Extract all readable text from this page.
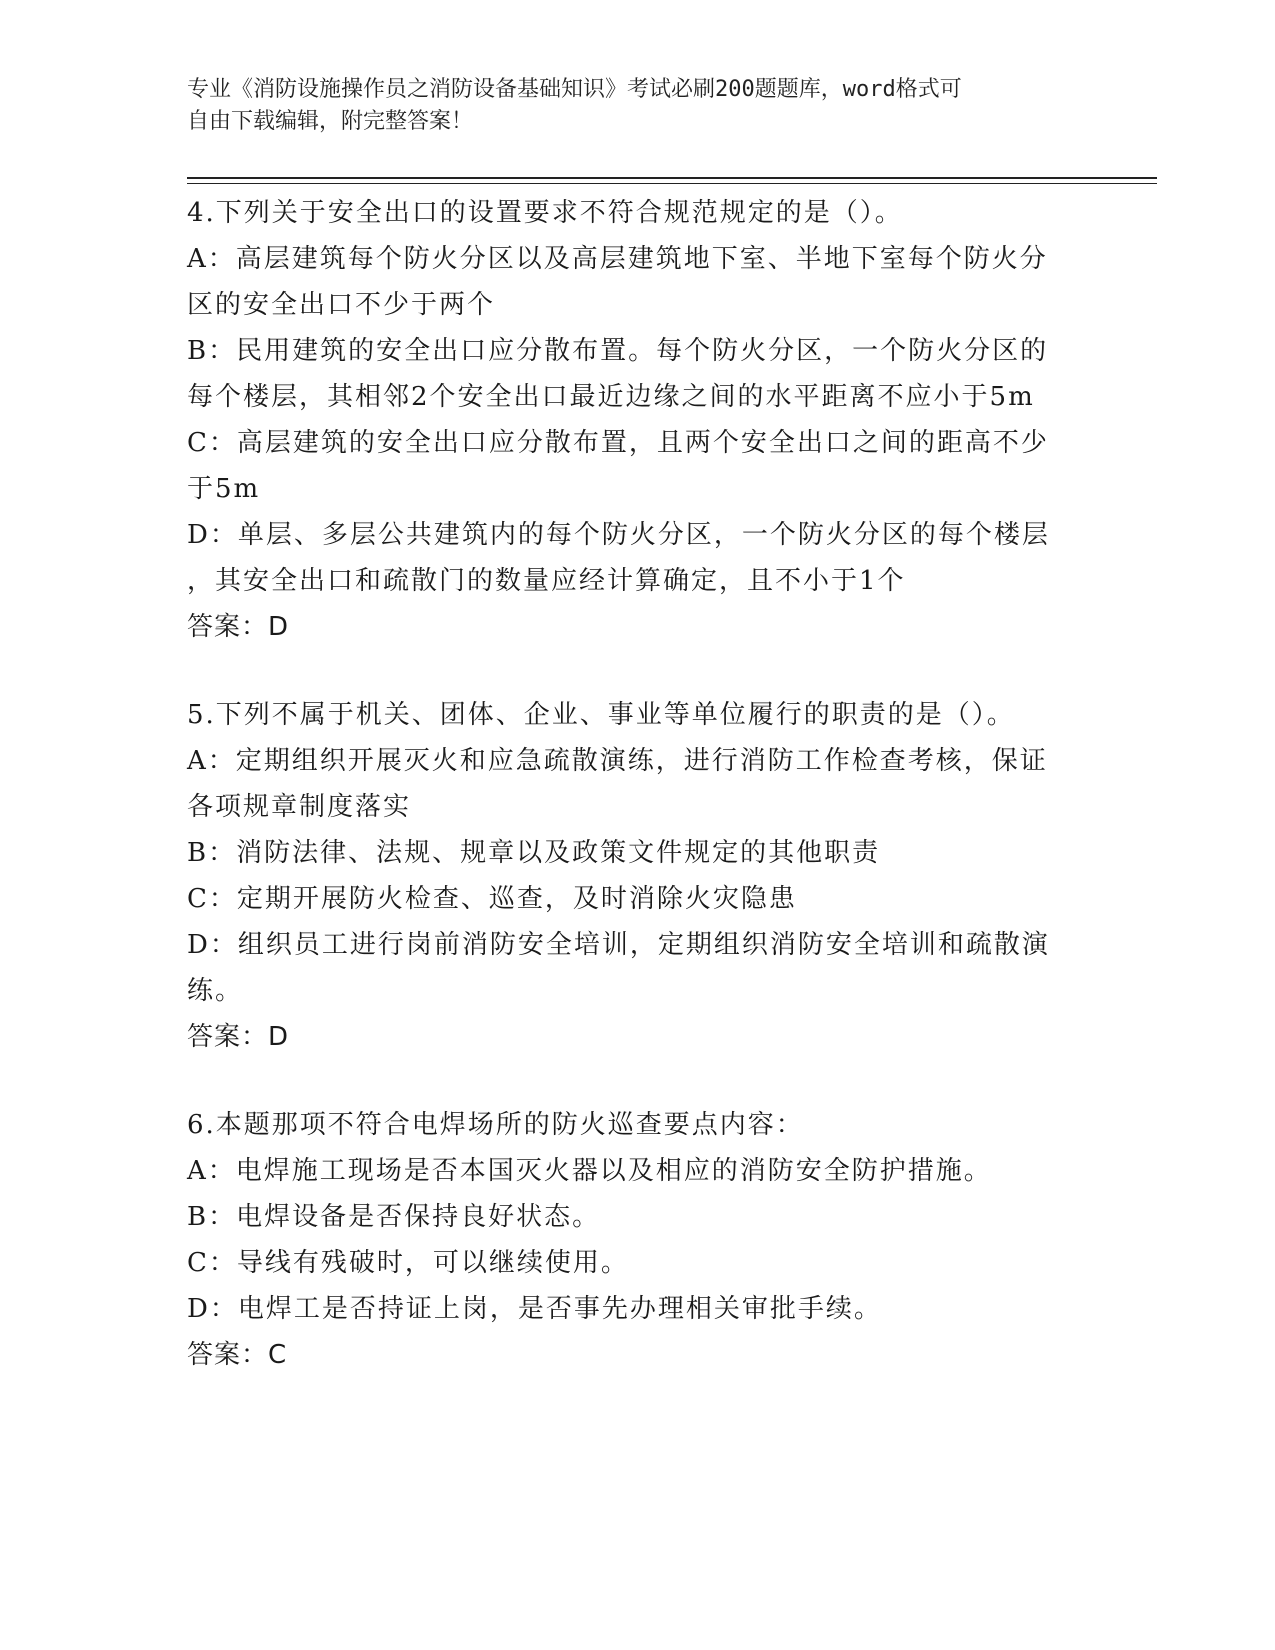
专业《消防设施操作员之消防设备基础知识》考试必刷200题题库，word格式可
自由下载编辑，附完整答案！
4.下列关于安全出口的设置要求不符合规范规定的是（）。
A：高层建筑每个防火分区以及高层建筑地下室、半地下室每个防火分
区的安全出口不少于两个
B：民用建筑的安全出口应分散布置。每个防火分区，一个防火分区的
每个楼层，其相邻2个安全出口最近边缘之间的水平距离不应小于5m
C：高层建筑的安全出口应分散布置，且两个安全出口之间的距高不少
于5m
D：单层、多层公共建筑内的每个防火分区，一个防火分区的每个楼层
，其安全出口和疏散门的数量应经计算确定，且不小于1个
答案：D
5.下列不属于机关、团体、企业、事业等单位履行的职责的是（）。
A：定期组织开展灭火和应急疏散演练，进行消防工作检查考核，保证
各项规章制度落实
B：消防法律、法规、规章以及政策文件规定的其他职责
C：定期开展防火检查、巡查，及时消除火灾隐患
D：组织员工进行岗前消防安全培训，定期组织消防安全培训和疏散演
练。
答案：D
6.本题那项不符合电焊场所的防火巡查要点内容：
A：电焊施工现场是否本国灭火器以及相应的消防安全防护措施。
B：电焊设备是否保持良好状态。
C：导线有残破时，可以继续使用。
D：电焊工是否持证上岗，是否事先办理相关审批手续。
答案：C
